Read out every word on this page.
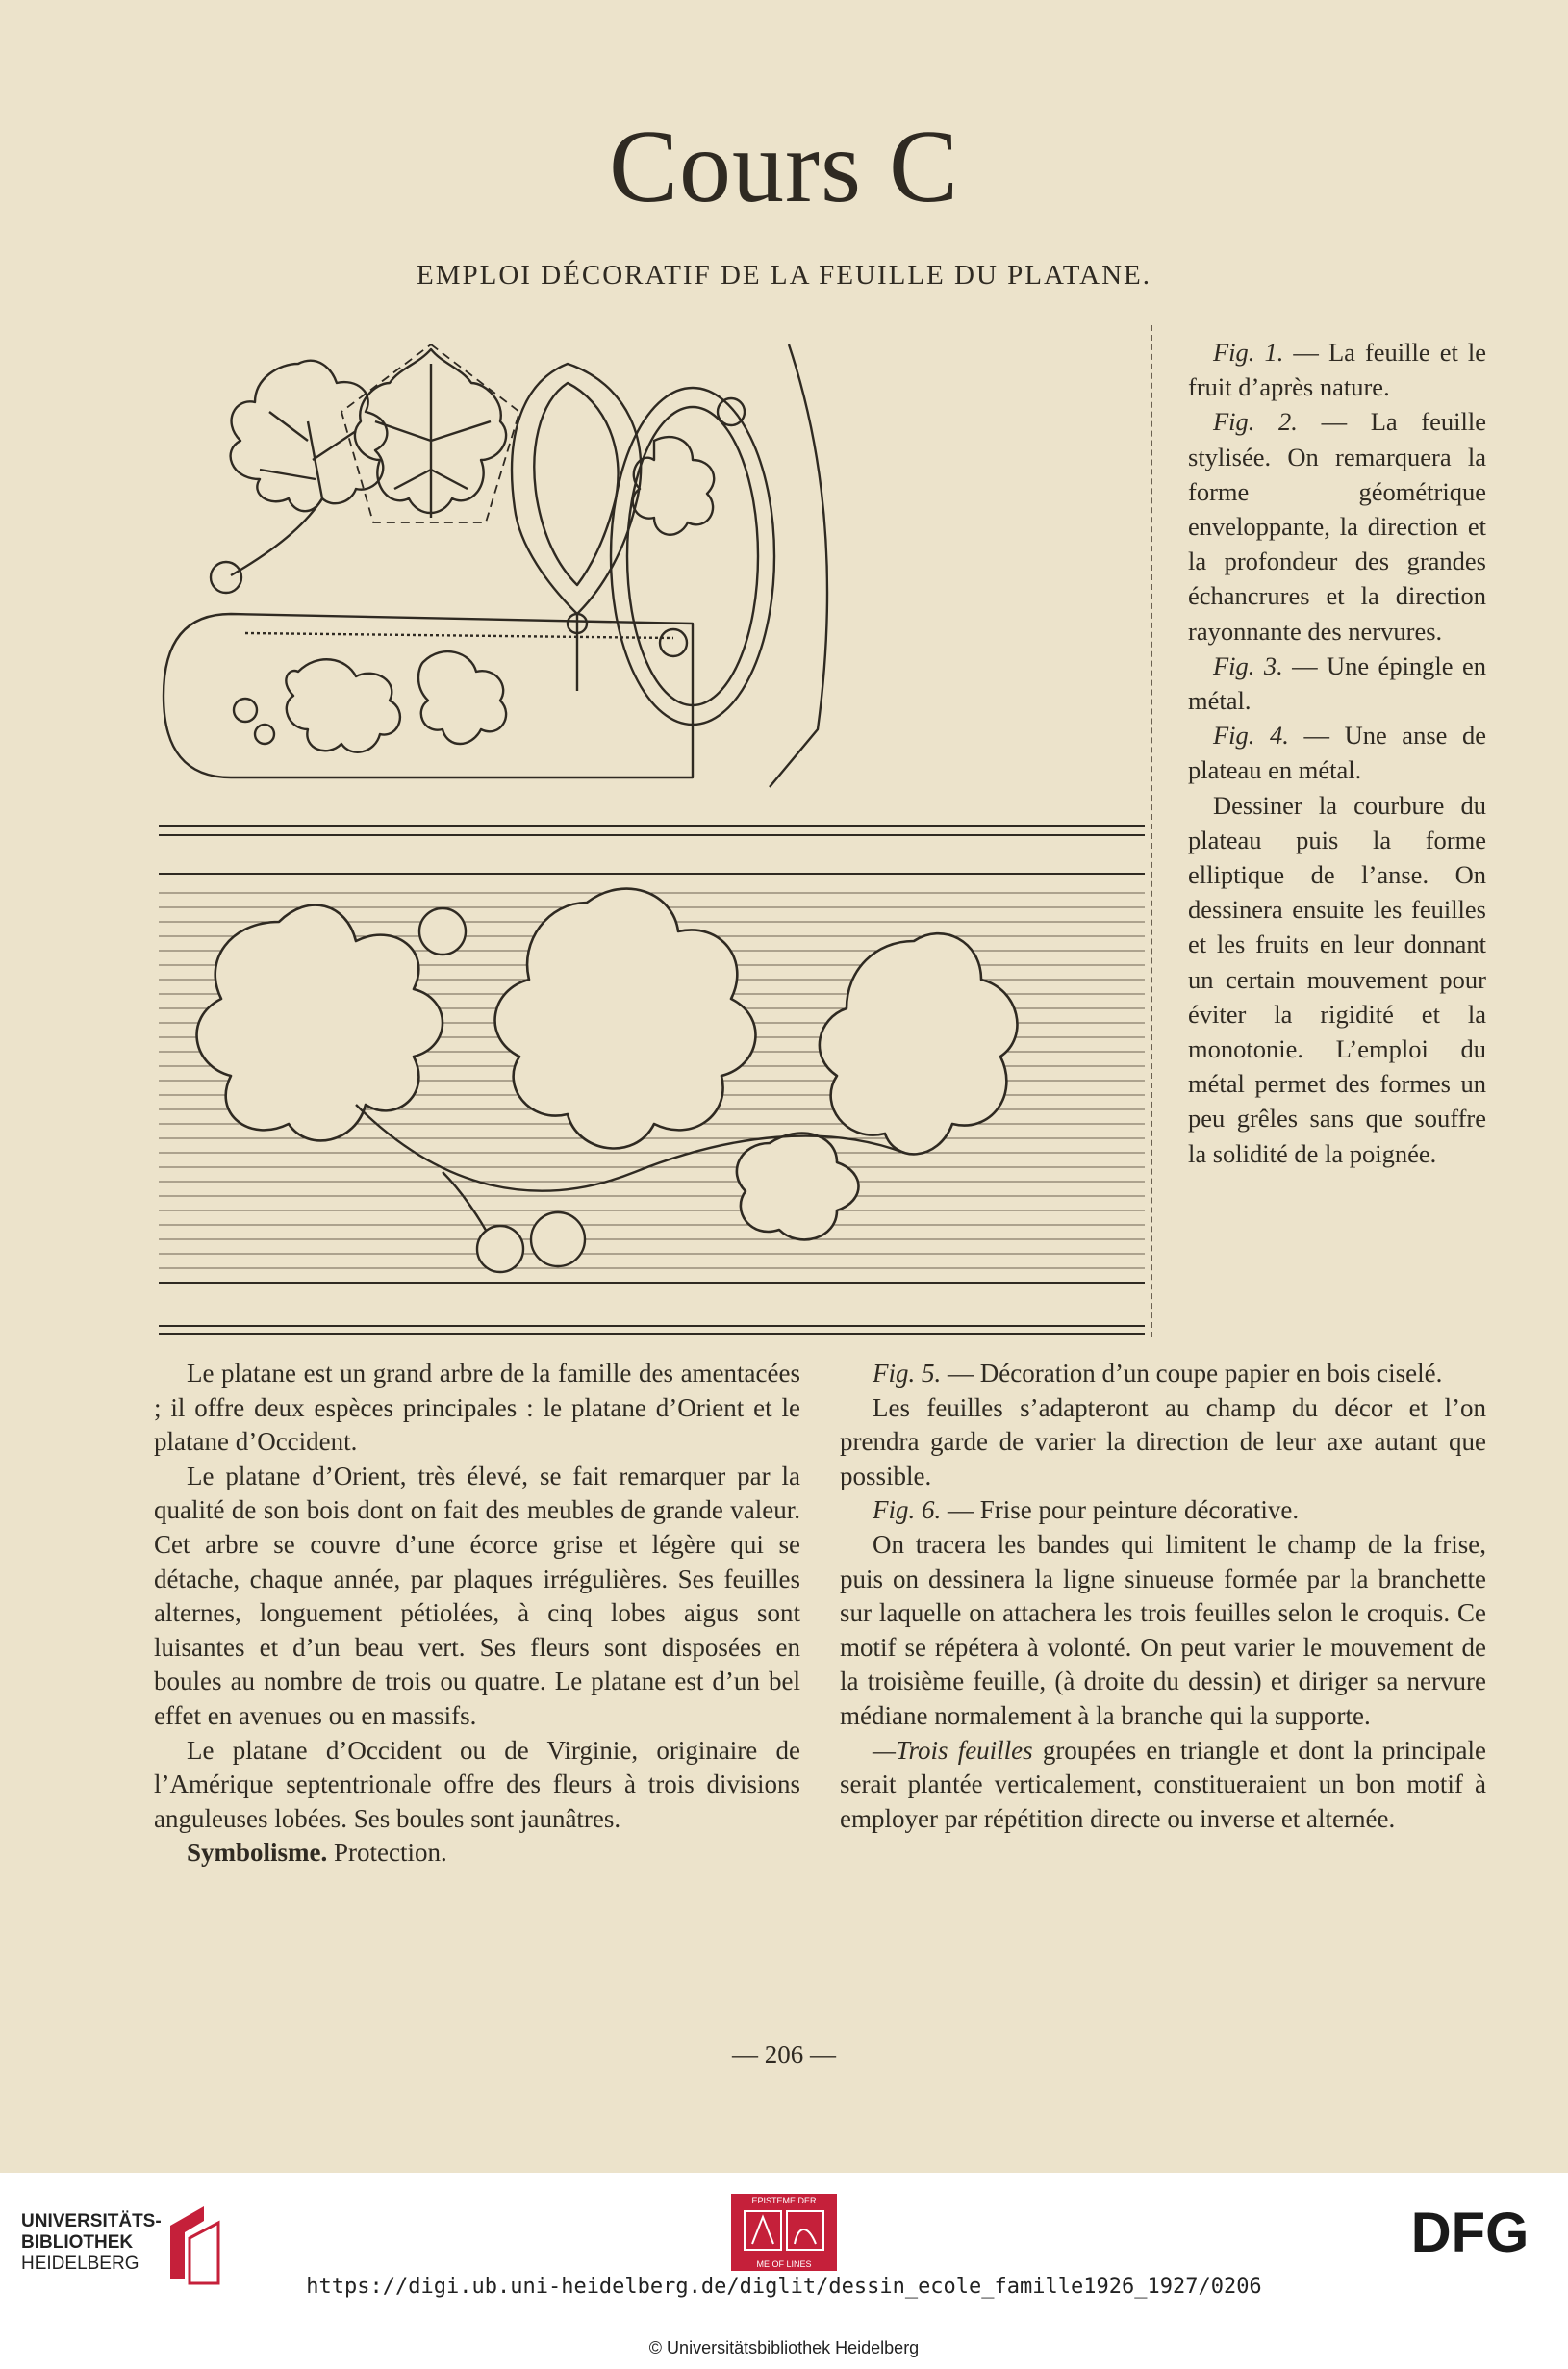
Cours C
EMPLOI DÉCORATIF DE LA FEUILLE DU PLATANE.

Fig. 1. — La feuille et le fruit d’après nature.

Fig. 2. — La feuille stylisée. On remarquera la forme géométrique enveloppante, la direction et la profondeur des grandes échancrures et la direction rayonnante des nervures.

Fig. 3. — Une épingle en métal.

Fig. 4. — Une anse de plateau en métal.

Dessiner la courbure du plateau puis la forme elliptique de l’anse. On dessinera ensuite les feuilles et les fruits en leur donnant un certain mouvement pour éviter la rigidité et la monotonie. L’emploi du métal permet des formes un peu grêles sans que souffre la solidité de la poignée.

Le platane est un grand arbre de la famille des amentacées ; il offre deux espèces principales : le platane d’Orient et le platane d’Occident.

Le platane d’Orient, très élevé, se fait remarquer par la qualité de son bois dont on fait des meubles de grande valeur. Cet arbre se couvre d’une écorce grise et légère qui se détache, chaque année, par plaques irrégulières. Ses feuilles alternes, longuement pétiolées, à cinq lobes aigus sont luisantes et d’un beau vert. Ses fleurs sont disposées en boules au nombre de trois ou quatre. Le platane est d’un bel effet en avenues ou en massifs.

Le platane d’Occident ou de Virginie, originaire de l’Amérique septentrionale offre des fleurs à trois divisions anguleuses lobées. Ses boules sont jaunâtres.

Symbolisme. Protection.

Fig. 5. — Décoration d’un coupe papier en bois ciselé.

Les feuilles s’adapteront au champ du décor et l’on prendra garde de varier la direction de leur axe autant que possible.

Fig. 6. — Frise pour peinture décorative.

On tracera les bandes qui limitent le champ de la frise, puis on dessinera la ligne sinueuse formée par la branchette sur laquelle on attachera les trois feuilles selon le croquis. Ce motif se répétera à volonté. On peut varier le mouvement de la troisième feuille, (à droite du dessin) et diriger sa nervure médiane normalement à la branche qui la supporte.

—Trois feuilles groupées en triangle et dont la principale serait plantée verticalement, constitueraient un bon motif à employer par répétition directe ou inverse et alternée.

— 206 —
UNIVERSITÄTS-
BIBLIOTHEK
HEIDELBERG
EPISTEME DER
ME OF LINES	DFG
https://digi.ub.uni-heidelberg.de/diglit/dessin_ecole_famille1926_1927/0206
© Universitätsbibliothek Heidelberg
